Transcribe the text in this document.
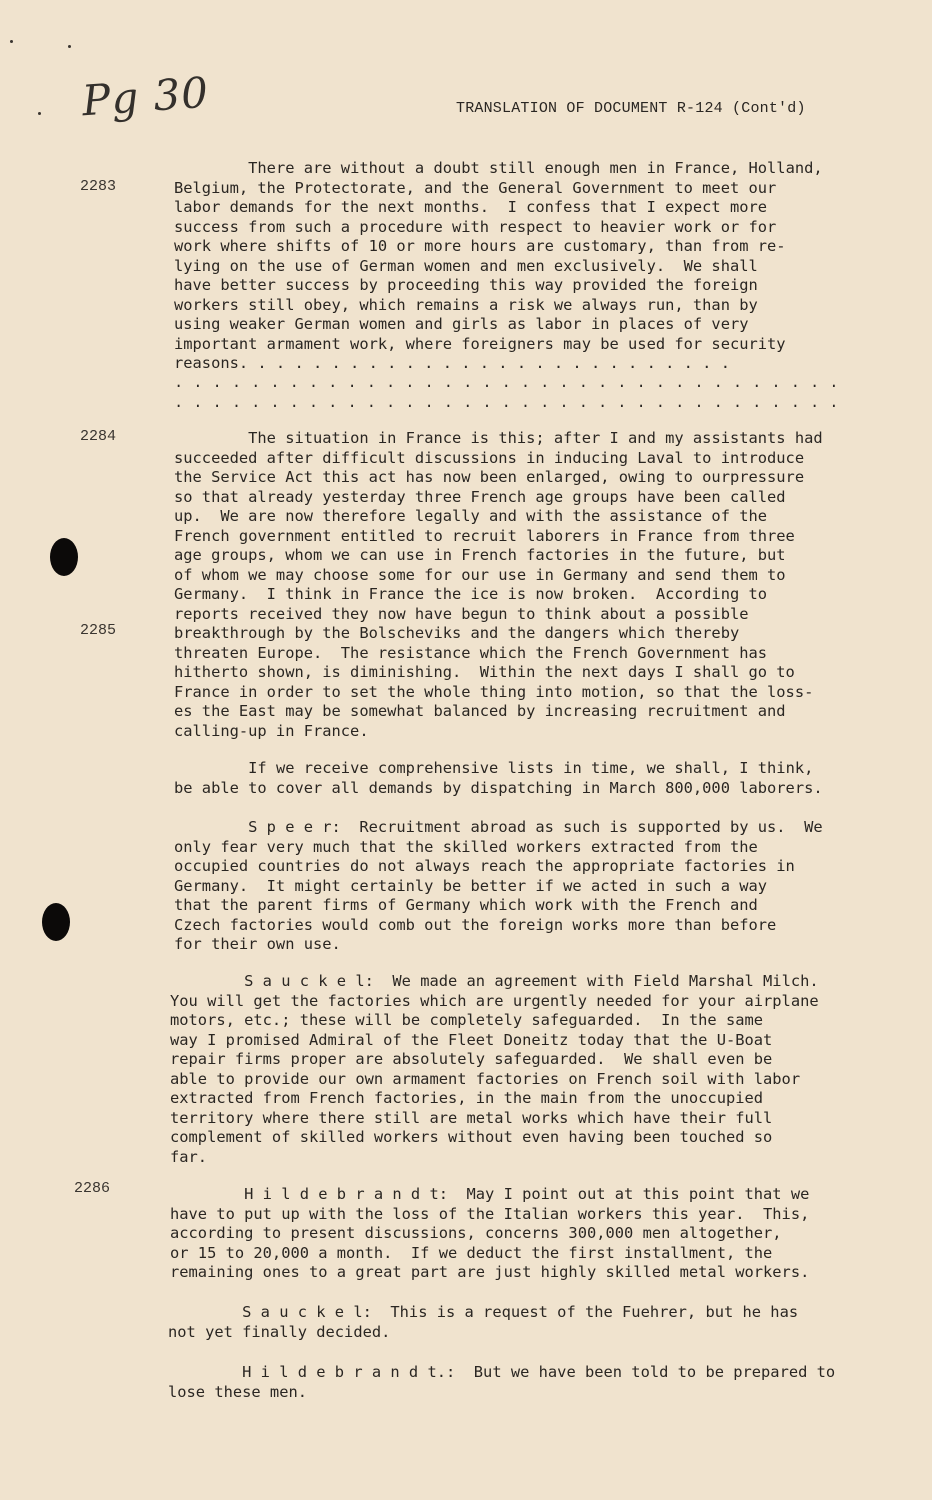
Pg 30	TRANSLATION OF DOCUMENT R-124 (Cont'd)
2283
2284
2285
2286
There are without a doubt still enough men in France, Holland,
Belgium, the Protectorate, and the General Government to meet our
labor demands for the next months.  I confess that I expect more
success from such a procedure with respect to heavier work or for
work where shifts of 10 or more hours are customary, than from re-
lying on the use of German women and men exclusively.  We shall
have better success by proceeding this way provided the foreign
workers still obey, which remains a risk we always run, than by
using weaker German women and girls as labor in places of very
important armament work, where foreigners may be used for security
reasons. . . . . . . . . . . . . . . . . . . . . . . . . . .
. . . . . . . . . . . . . . . . . . . . . . . . . . . . . . . . . . .
. . . . . . . . . . . . . . . . . . . . . . . . . . . . . . . . . . .
The situation in France is this; after I and my assistants had
succeeded after difficult discussions in inducing Laval to introduce
the Service Act this act has now been enlarged, owing to ourpressure
so that already yesterday three French age groups have been called
up.  We are now therefore legally and with the assistance of the
French government entitled to recruit laborers in France from three
age groups, whom we can use in French factories in the future, but
of whom we may choose some for our use in Germany and send them to
Germany.  I think in France the ice is now broken.  According to
reports received they now have begun to think about a possible
breakthrough by the Bolscheviks and the dangers which thereby
threaten Europe.  The resistance which the French Government has
hitherto shown, is diminishing.  Within the next days I shall go to
France in order to set the whole thing into motion, so that the loss-
es the East may be somewhat balanced by increasing recruitment and
calling-up in France.
If we receive comprehensive lists in time, we shall, I think,
be able to cover all demands by dispatching in March 800,000 laborers.
S p e e r:  Recruitment abroad as such is supported by us.  We
only fear very much that the skilled workers extracted from the
occupied countries do not always reach the appropriate factories in
Germany.  It might certainly be better if we acted in such a way
that the parent firms of Germany which work with the French and
Czech factories would comb out the foreign works more than before
for their own use.
S a u c k e l:  We made an agreement with Field Marshal Milch.
You will get the factories which are urgently needed for your airplane
motors, etc.; these will be completely safeguarded.  In the same
way I promised Admiral of the Fleet Doneitz today that the U-Boat
repair firms proper are absolutely safeguarded.  We shall even be
able to provide our own armament factories on French soil with labor
extracted from French factories, in the main from the unoccupied
territory where there still are metal works which have their full
complement of skilled workers without even having been touched so
far.
H i l d e b r a n d t:  May I point out at this point that we
have to put up with the loss of the Italian workers this year.  This,
according to present discussions, concerns 300,000 men altogether,
or 15 to 20,000 a month.  If we deduct the first installment, the
remaining ones to a great part are just highly skilled metal workers.
S a u c k e l:  This is a request of the Fuehrer, but he has
not yet finally decided.
H i l d e b r a n d t.:  But we have been told to be prepared to
lose these men.
